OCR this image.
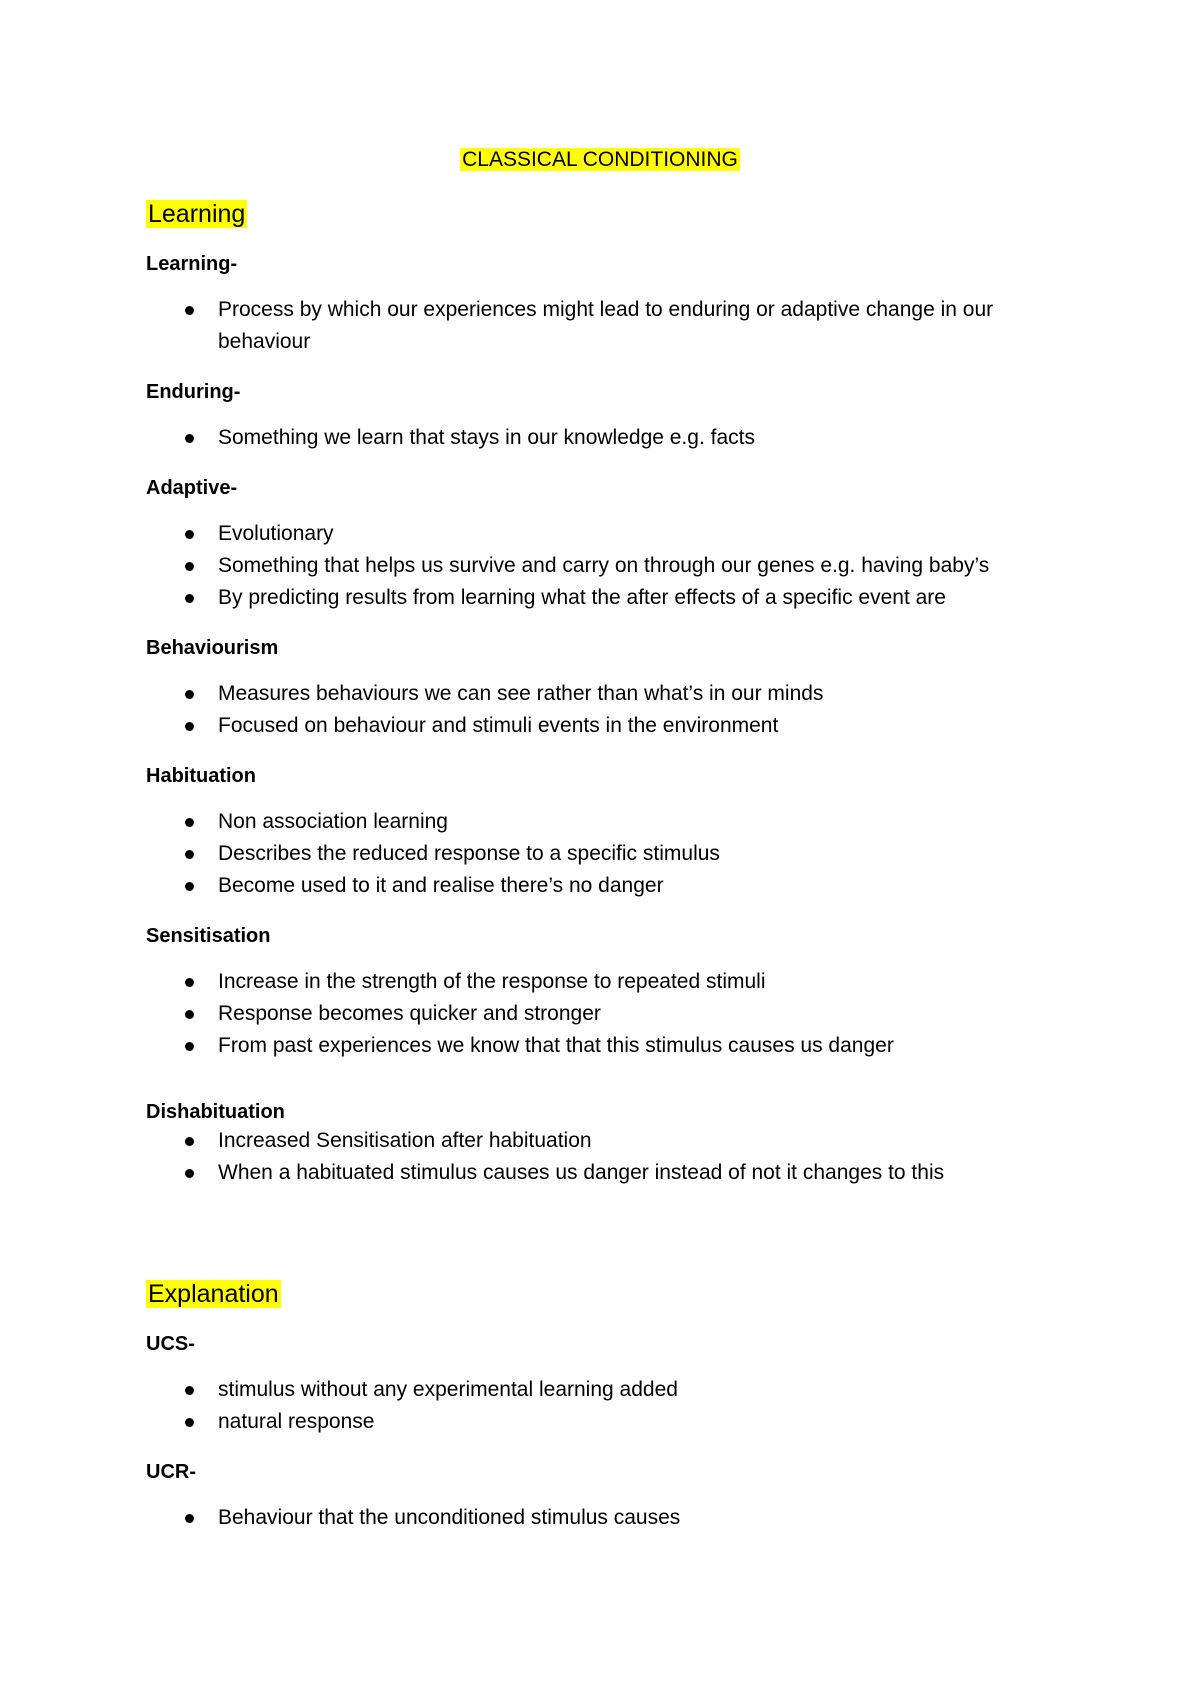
CLASSICAL CONDITIONING
Learning
Learning-
Process by which our experiences might lead to enduring or adaptive change in our
behaviour
Enduring-
Something we learn that stays in our knowledge e.g. facts
Adaptive-
Evolutionary
Something that helps us survive and carry on through our genes e.g. having baby’s
By predicting results from learning what the after effects of a specific event are
Behaviourism
Measures behaviours we can see rather than what’s in our minds
Focused on behaviour and stimuli events in the environment
Habituation
Non association learning
Describes the reduced response to a specific stimulus
Become used to it and realise there’s no danger
Sensitisation
Increase in the strength of the response to repeated stimuli
Response becomes quicker and stronger
From past experiences we know that that this stimulus causes us danger
Dishabituation
Increased Sensitisation after habituation
When a habituated stimulus causes us danger instead of not it changes to this
Explanation
UCS-
stimulus without any experimental learning added
natural response
UCR-
Behaviour that the unconditioned stimulus causes
